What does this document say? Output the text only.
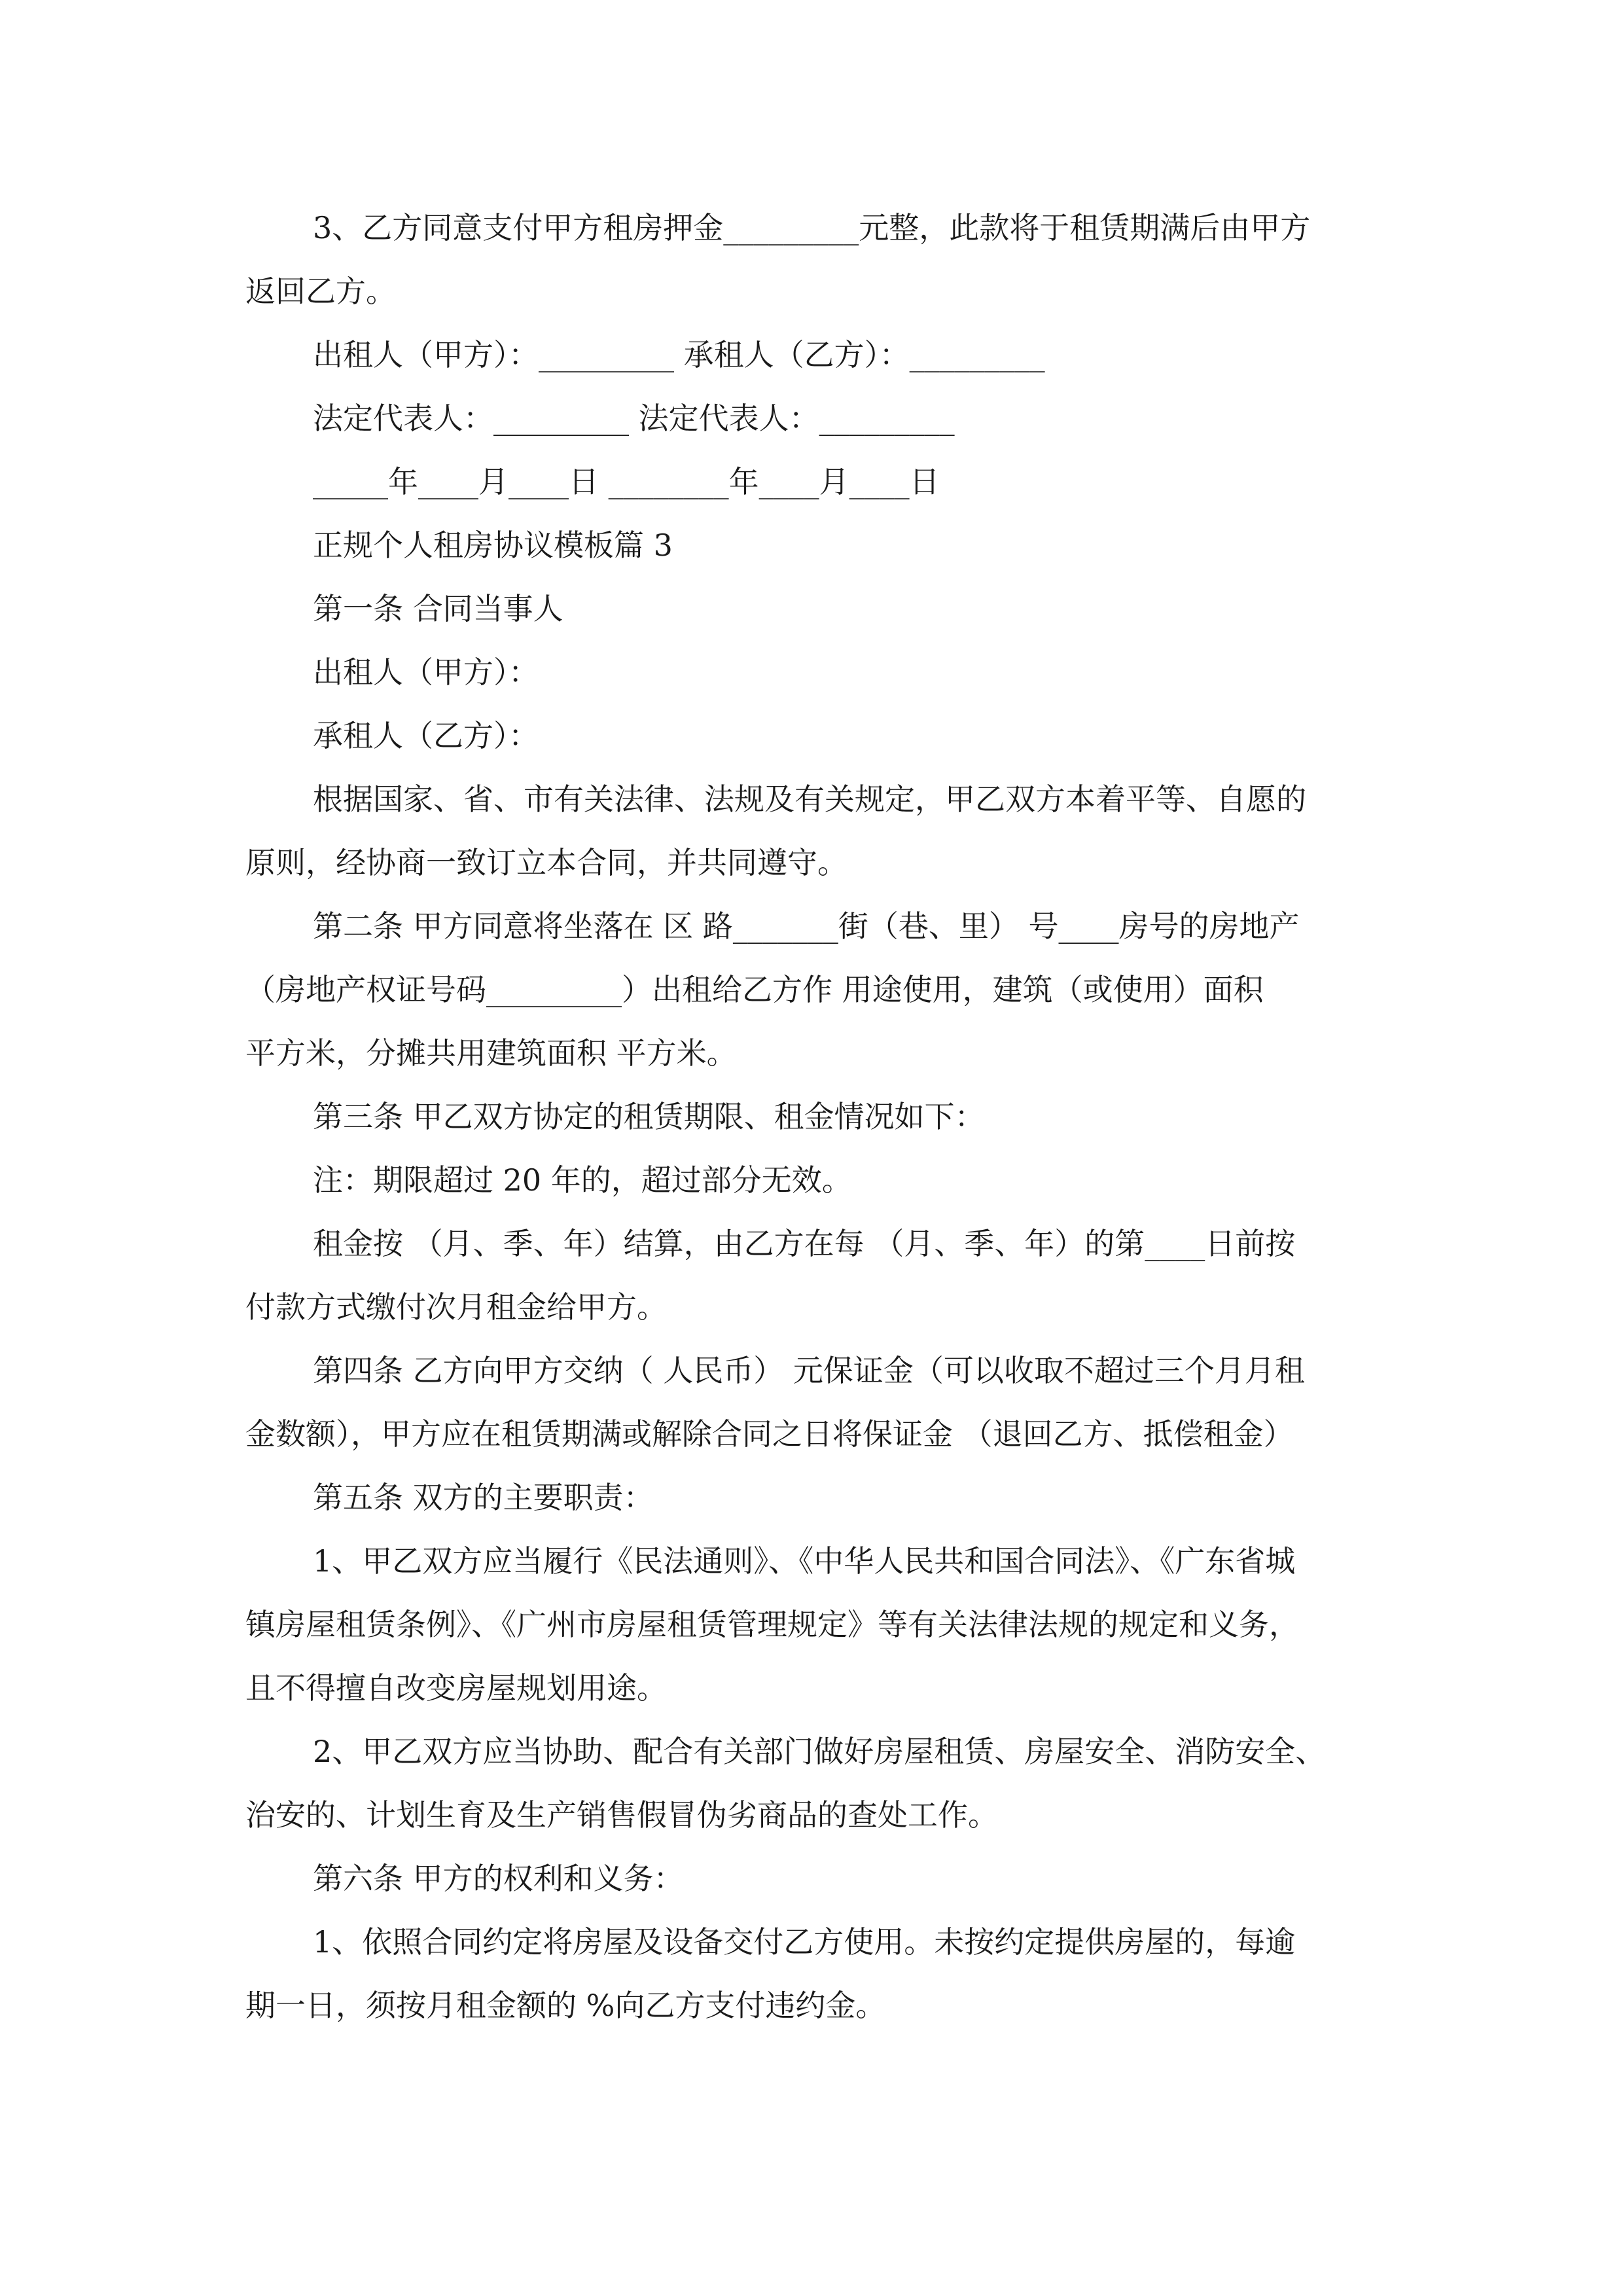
3、乙方同意支付甲方租房押金_________元整，此款将于租赁期满后由甲方

返回乙方。

出租人（甲方）：_________ 承租人（乙方）：_________

法定代表人：_________ 法定代表人：_________

_____年____月____日 ________年____月____日

正规个人租房协议模板篇 3

第一条 合同当事人

出租人（甲方）：

承租人（乙方）：

根据国家、省、市有关法律、法规及有关规定，甲乙双方本着平等、自愿的

原则，经协商一致订立本合同，并共同遵守。

第二条 甲方同意将坐落在 区 路_______街（巷、里） 号____房号的房地产

（房地产权证号码_________）出租给乙方作 用途使用，建筑（或使用）面积

平方米，分摊共用建筑面积 平方米。

第三条 甲乙双方协定的租赁期限、租金情况如下：

注：期限超过 20 年的，超过部分无效。

租金按 （月、季、年）结算，由乙方在每 （月、季、年）的第____日前按

付款方式缴付次月租金给甲方。

第四条 乙方向甲方交纳（ 人民币） 元保证金（可以收取不超过三个月月租

金数额），甲方应在租赁期满或解除合同之日将保证金 （退回乙方、抵偿租金）

第五条 双方的主要职责：

1、甲乙双方应当履行《民法通则》、《中华人民共和国合同法》、《广东省城

镇房屋租赁条例》、《广州市房屋租赁管理规定》等有关法律法规的规定和义务，

且不得擅自改变房屋规划用途。

2、甲乙双方应当协助、配合有关部门做好房屋租赁、房屋安全、消防安全、

治安的、计划生育及生产销售假冒伪劣商品的查处工作。

第六条 甲方的权利和义务：

1、依照合同约定将房屋及设备交付乙方使用。未按约定提供房屋的，每逾

期一日，须按月租金额的 %向乙方支付违约金。
